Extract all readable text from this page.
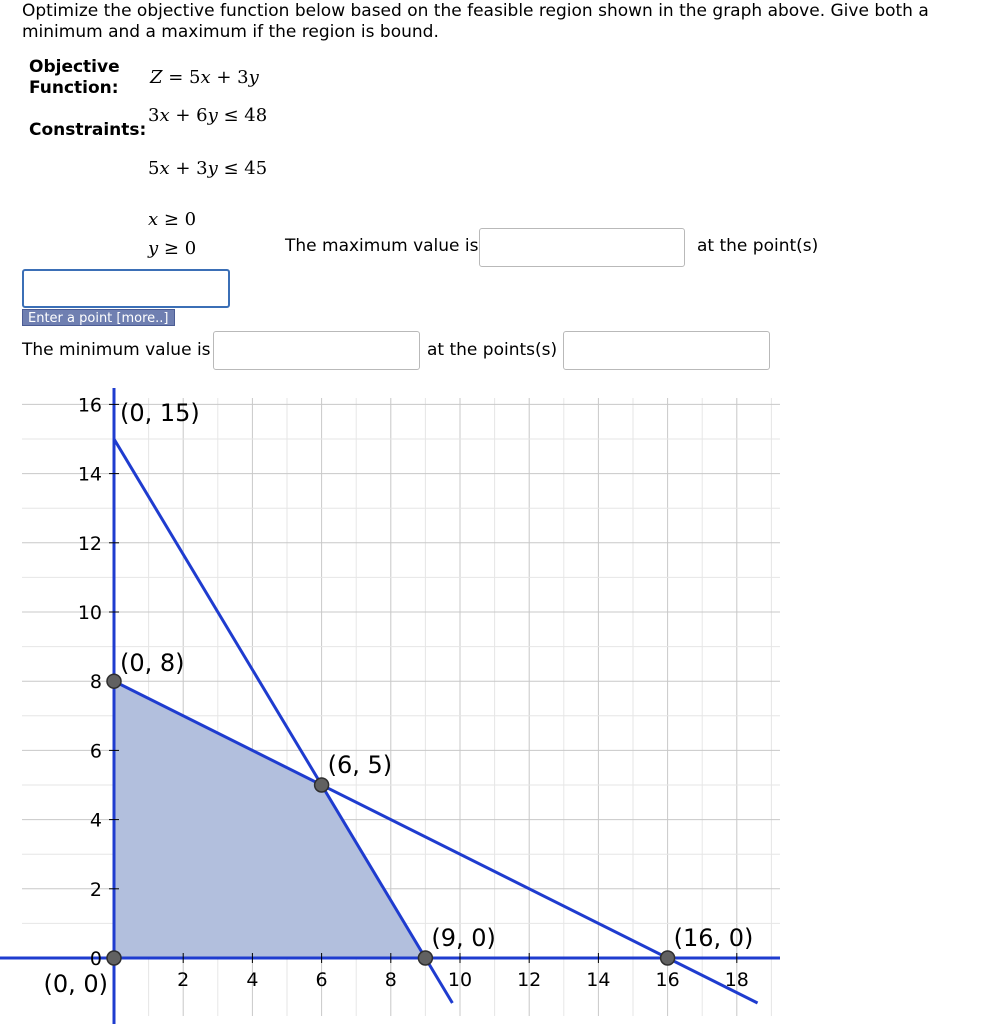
Optimize the objective function below based on the feasible region shown in the graph above. Give both a minimum and a maximum if the region is bound.
Objective
Function: Z = 5x + 3y
Constraints:
3x + 6y ≤ 48
5x + 3y ≤ 45
x ≥ 0
y ≥ 0	The maximum value is	at the point(s)
Enter a point [more..]
The minimum value is	at the points(s)
2	4	6	8	10 12 14 16 18
2
4
6
8
10
12
14
16
0
(0, 15)
(0, 8)
(6, 5)
(9, 0)	(16, 0)
(0, 0)
